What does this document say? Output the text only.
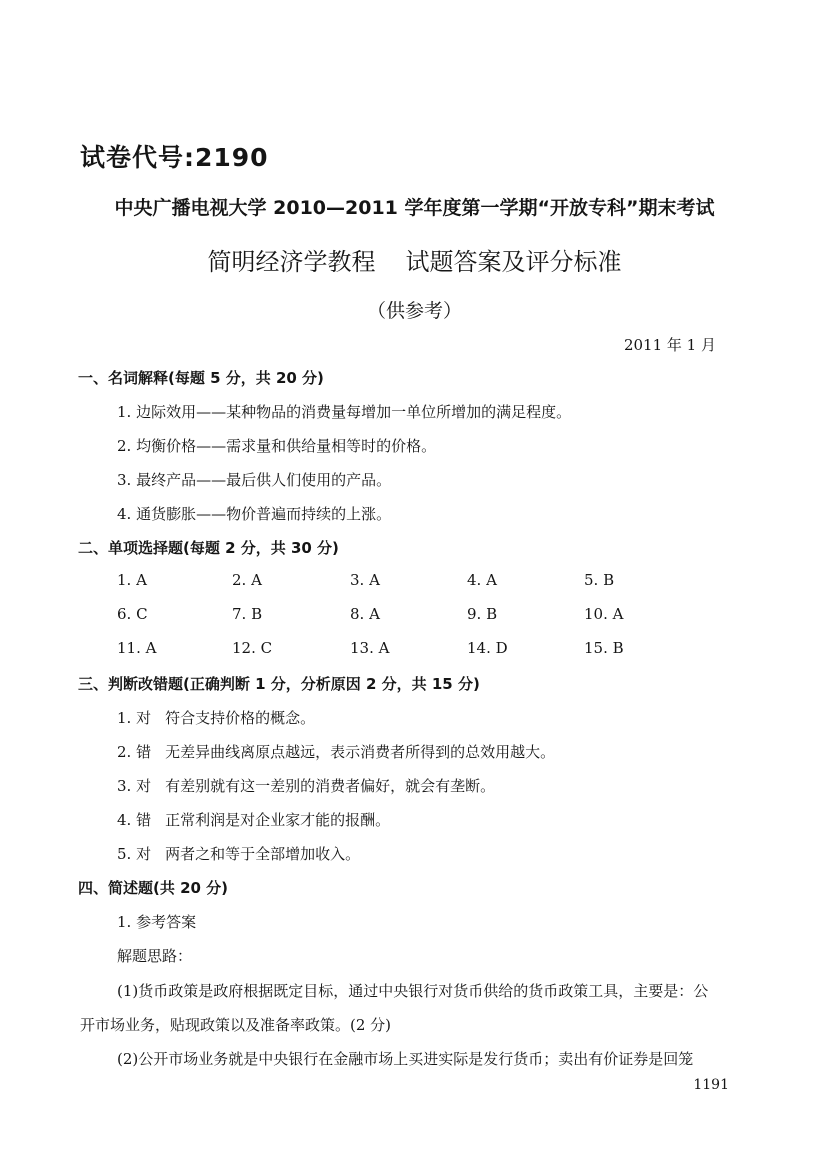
试卷代号:2190
中央广播电视大学 2010—2011 学年度第一学期“开放专科”期末考试
简明经济学教程 试题答案及评分标准
（供参考）
2011 年 1 月
一、名词解释(每题 5 分，共 20 分)
1. 边际效用——某种物品的消费量每增加一单位所增加的满足程度。
2. 均衡价格——需求量和供给量相等时的价格。
3. 最终产品——最后供人们使用的产品。
4. 通货膨胀——物价普遍而持续的上涨。
二、单项选择题(每题 2 分，共 30 分)
1. A	2. A	3. A	4. A	5. B
6. C	7. B	8. A	9. B	10. A
11. A	12. C	13. A	14. D	15. B
三、判断改错题(正确判断 1 分，分析原因 2 分，共 15 分)
1. 对 符合支持价格的概念。
2. 错 无差异曲线离原点越远，表示消费者所得到的总效用越大。
3. 对 有差别就有这一差别的消费者偏好，就会有垄断。
4. 错 正常利润是对企业家才能的报酬。
5. 对 两者之和等于全部增加收入。
四、简述题(共 20 分)
1. 参考答案
解题思路：
(1)货币政策是政府根据既定目标，通过中央银行对货币供给的货币政策工具，主要是：公
开市场业务，贴现政策以及准备率政策。(2 分)
(2)公开市场业务就是中央银行在金融市场上买进实际是发行货币；卖出有价证券是回笼
1191
